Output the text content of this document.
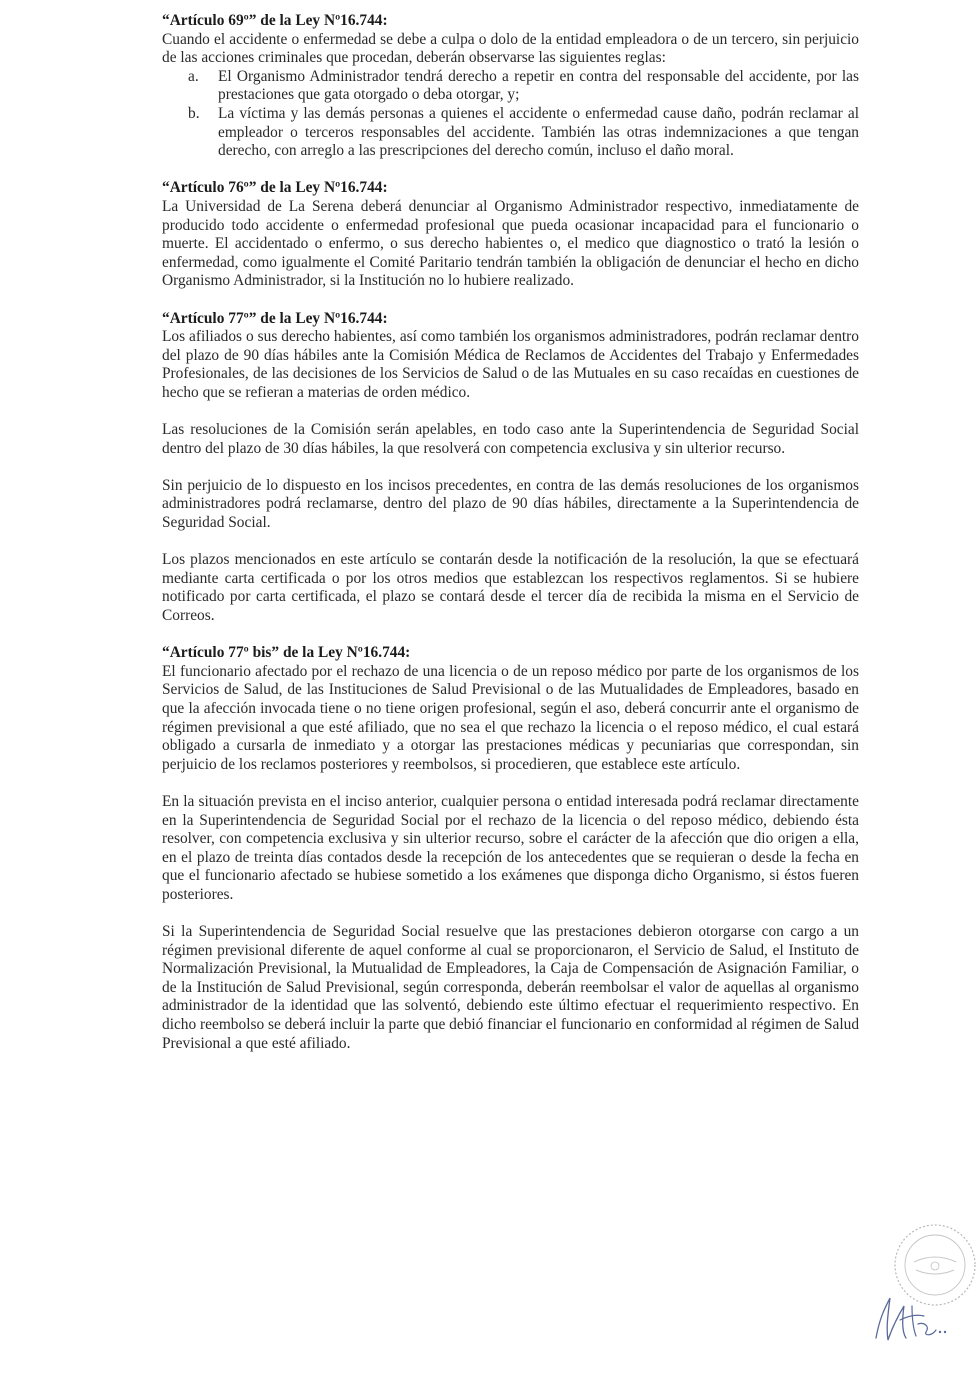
“Artículo 69º” de la Ley Nº16.744:

Cuando el accidente o enfermedad se debe a culpa o dolo de la entidad empleadora o de un tercero, sin perjuicio de las acciones criminales que procedan, deberán observarse las siguientes reglas:

a. El Organismo Administrador tendrá derecho a repetir en contra del responsable del accidente, por las prestaciones que gata otorgado o deba otorgar, y;
b. La víctima y las demás personas a quienes el accidente o enfermedad cause daño, podrán reclamar al empleador o terceros responsables del accidente. También las otras indemnizaciones a que tengan derecho, con arreglo a las prescripciones del derecho común, incluso el daño moral.
“Artículo 76º” de la Ley Nº16.744:

La Universidad de La Serena deberá denunciar al Organismo Administrador respectivo, inmediatamente de producido todo accidente o enfermedad profesional que pueda ocasionar incapacidad para el funcionario o muerte. El accidentado o enfermo, o sus derecho habientes o, el medico que diagnostico o trató la lesión o enfermedad, como igualmente el Comité Paritario tendrán también la obligación de denunciar el hecho en dicho Organismo Administrador, si la Institución no lo hubiere realizado.

“Artículo 77º” de la Ley Nº16.744:

Los afiliados o sus derecho habientes, así como también los organismos administradores, podrán reclamar dentro del plazo de 90 días hábiles ante la Comisión Médica de Reclamos de Accidentes del Trabajo y Enfermedades Profesionales, de las decisiones de los Servicios de Salud o de las Mutuales en su caso recaídas en cuestiones de hecho que se refieran a materias de orden médico.

Las resoluciones de la Comisión serán apelables, en todo caso ante la Superintendencia de Seguridad Social dentro del plazo de 30 días hábiles, la que resolverá con competencia exclusiva y sin ulterior recurso.

Sin perjuicio de lo dispuesto en los incisos precedentes, en contra de las demás resoluciones de los organismos administradores podrá reclamarse, dentro del plazo de 90 días hábiles, directamente a la Superintendencia de Seguridad Social.

Los plazos mencionados en este artículo se contarán desde la notificación de la resolución, la que se efectuará mediante carta certificada o por los otros medios que establezcan los respectivos reglamentos. Si se hubiere notificado por carta certificada, el plazo se contará desde el tercer día de recibida la misma en el Servicio de Correos.

“Artículo 77º bis” de la Ley Nº16.744:

El funcionario afectado por el rechazo de una licencia o de un reposo médico por parte de los organismos de los Servicios de Salud, de las Instituciones de Salud Previsional o de las Mutualidades de Empleadores, basado en que la afección invocada tiene o no tiene origen profesional, según el aso, deberá concurrir ante el organismo de régimen previsional a que esté afiliado, que no sea el que rechazo la licencia o el reposo médico, el cual estará obligado a cursarla de inmediato y a otorgar las prestaciones médicas y pecuniarias que correspondan, sin perjuicio de los reclamos posteriores y reembolsos, si procedieren, que establece este artículo.

En la situación prevista en el inciso anterior, cualquier persona o entidad interesada podrá reclamar directamente en la Superintendencia de Seguridad Social por el rechazo de la licencia o del reposo médico, debiendo ésta resolver, con competencia exclusiva y sin ulterior recurso, sobre el carácter de la afección que dio origen a ella, en el plazo de treinta días contados desde la recepción de los antecedentes que se requieran o desde la fecha en que el funcionario afectado se hubiese sometido a los exámenes que disponga dicho Organismo, si éstos fueren posteriores.

Si la Superintendencia de Seguridad Social resuelve que las prestaciones debieron otorgarse con cargo a un régimen previsional diferente de aquel conforme al cual se proporcionaron, el Servicio de Salud, el Instituto de Normalización Previsional, la Mutualidad de Empleadores, la Caja de Compensación de Asignación Familiar, o de la Institución de Salud Previsional, según corresponda, deberán reembolsar el valor de aquellas al organismo administrador de la identidad que las solventó, debiendo este último efectuar el requerimiento respectivo. En dicho reembolso se deberá incluir la parte que debió financiar el funcionario en conformidad al régimen de Salud Previsional a que esté afiliado.
